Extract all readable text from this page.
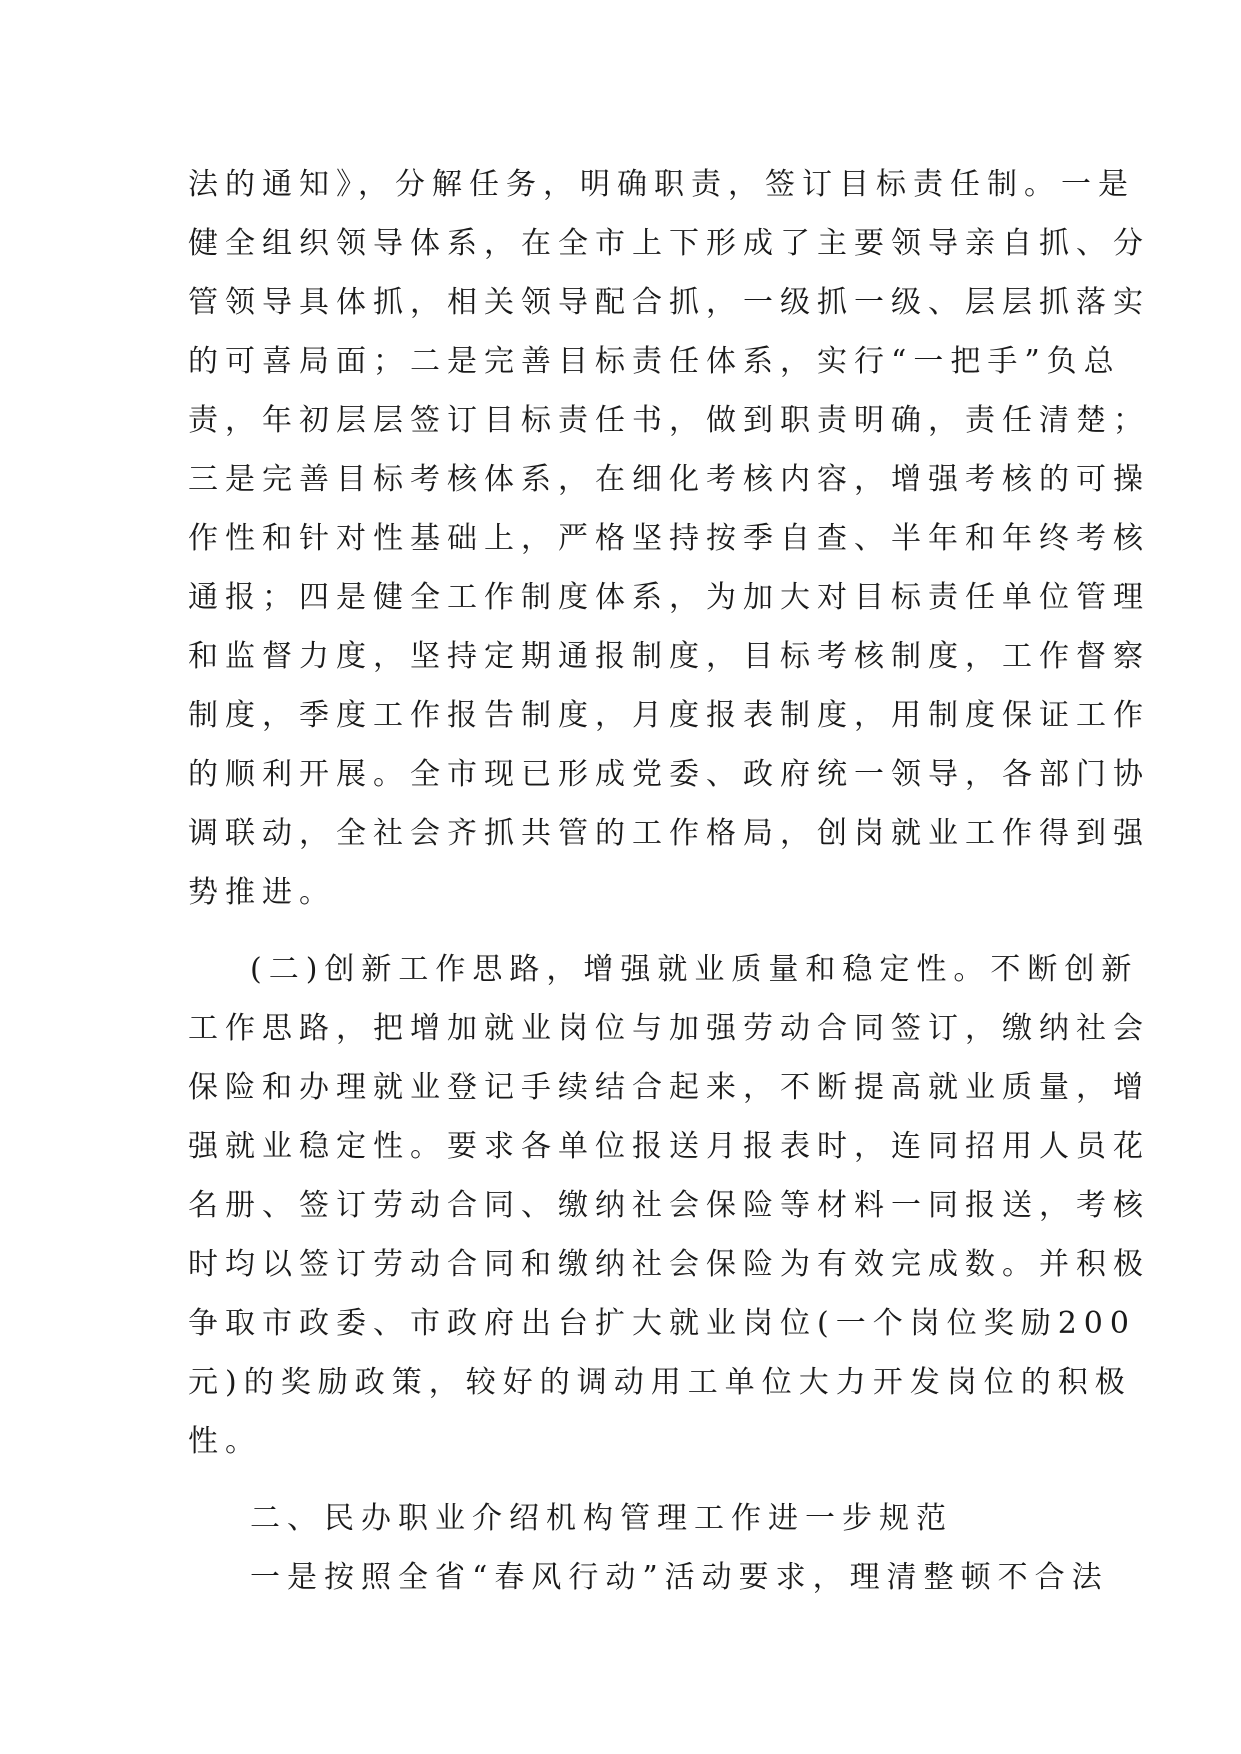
法的通知》，分解任务，明确职责，签订目标责任制。一是
健全组织领导体系，在全市上下形成了主要领导亲自抓、分
管领导具体抓，相关领导配合抓，一级抓一级、层层抓落实
的可喜局面；二是完善目标责任体系，实行“一把手”负总
责，年初层层签订目标责任书，做到职责明确，责任清楚；
三是完善目标考核体系，在细化考核内容，增强考核的可操
作性和针对性基础上，严格坚持按季自查、半年和年终考核
通报；四是健全工作制度体系，为加大对目标责任单位管理
和监督力度，坚持定期通报制度，目标考核制度，工作督察
制度，季度工作报告制度，月度报表制度，用制度保证工作
的顺利开展。全市现已形成党委、政府统一领导，各部门协
调联动，全社会齐抓共管的工作格局，创岗就业工作得到强
势推进。
(二)创新工作思路，增强就业质量和稳定性。不断创新
工作思路，把增加就业岗位与加强劳动合同签订，缴纳社会
保险和办理就业登记手续结合起来，不断提高就业质量，增
强就业稳定性。要求各单位报送月报表时，连同招用人员花
名册、签订劳动合同、缴纳社会保险等材料一同报送，考核
时均以签订劳动合同和缴纳社会保险为有效完成数。并积极
争取市政委、市政府出台扩大就业岗位(一个岗位奖励200
元)的奖励政策，较好的调动用工单位大力开发岗位的积极
性。
二、民办职业介绍机构管理工作进一步规范
一是按照全省“春风行动”活动要求，理清整顿不合法
